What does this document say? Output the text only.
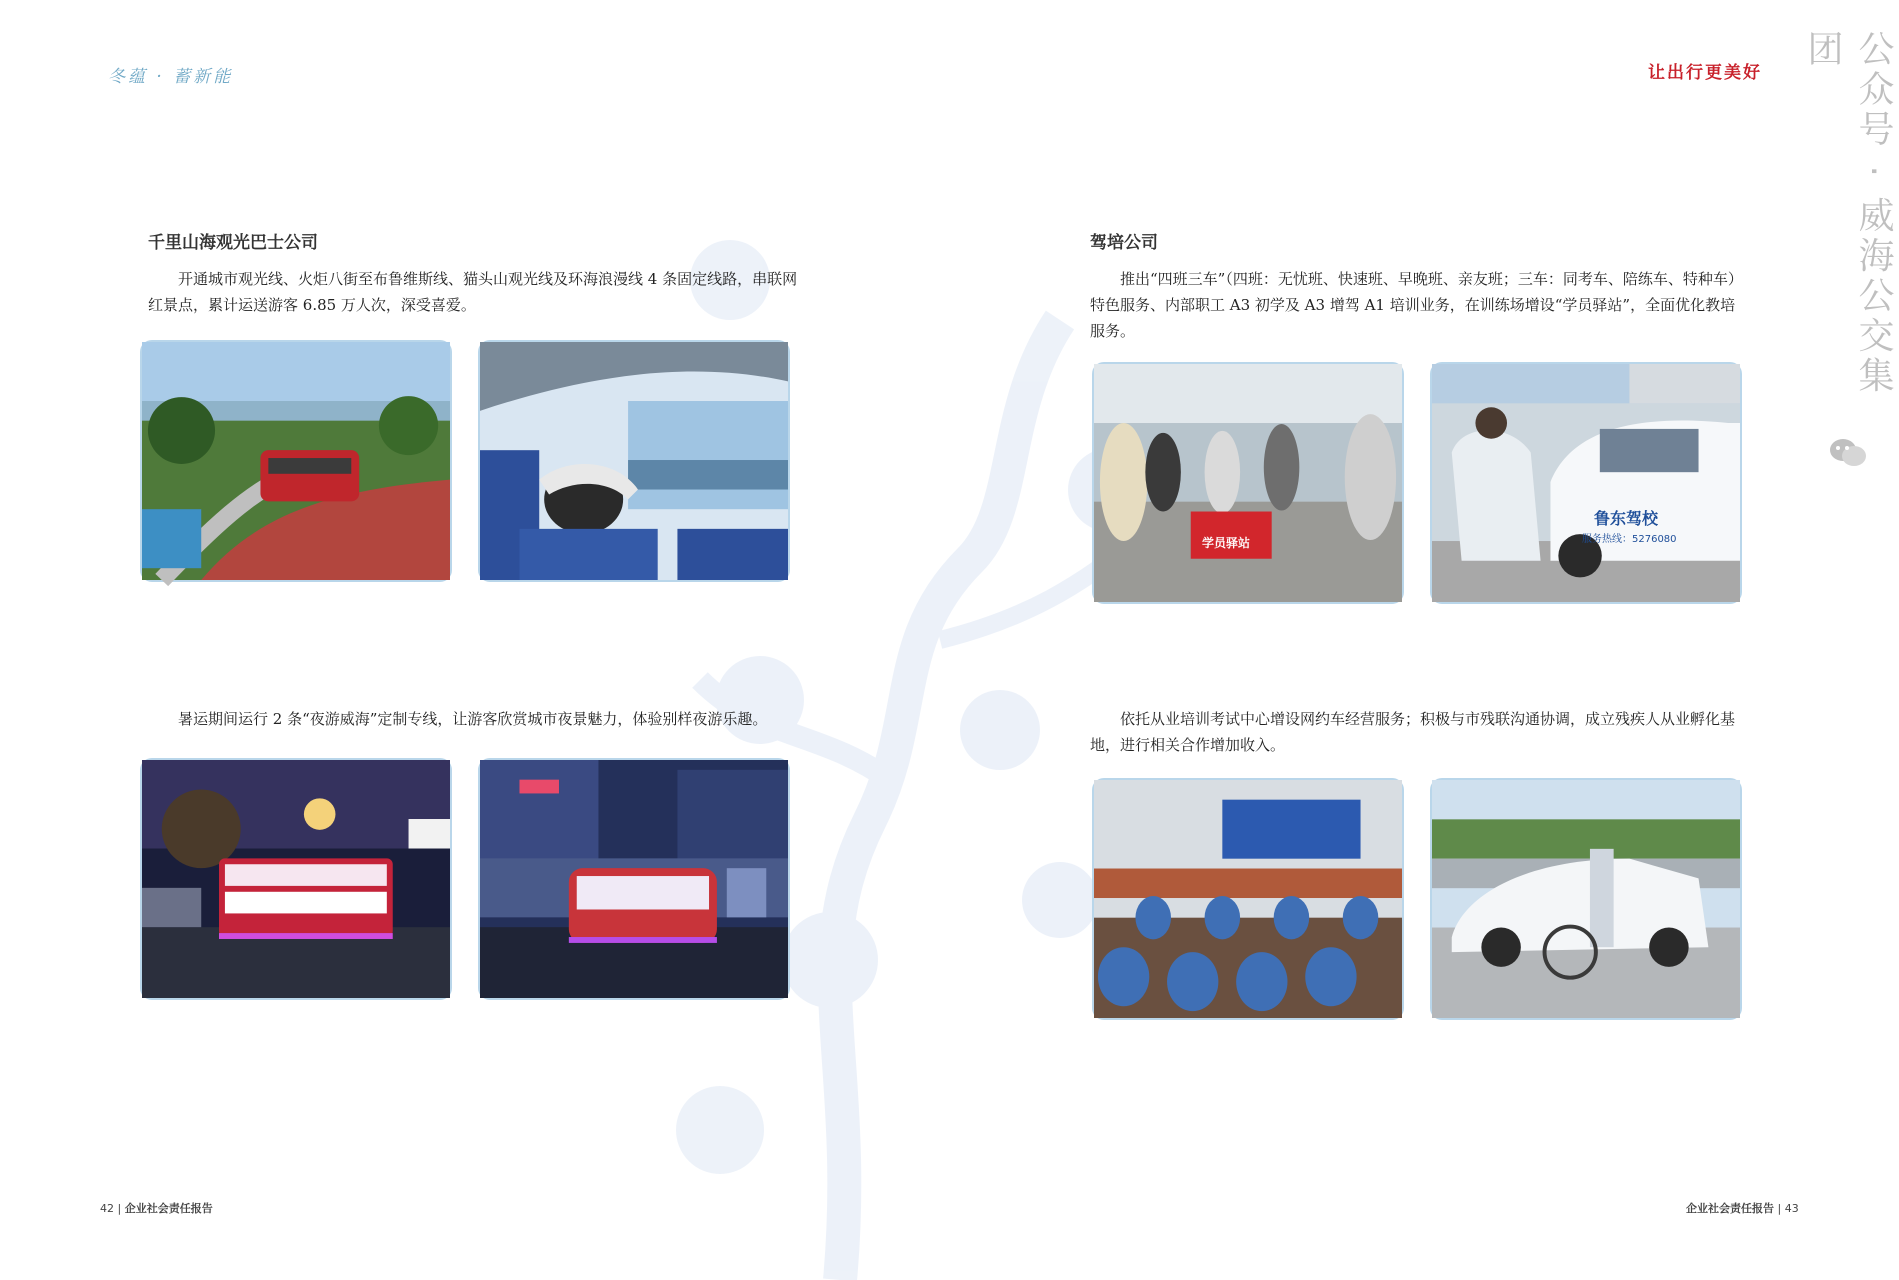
冬蕴 · 蓄新能	让出行更美好	公众号 · 威海公交集团
千里山海观光巴士公司
开通城市观光线、火炬八街至布鲁维斯线、猫头山观光线及环海浪漫线 4 条固定线路，串联网红景点，累计运送游客 6.85 万人次，深受喜爱。
暑运期间运行 2 条“夜游威海”定制专线，让游客欣赏城市夜景魅力，体验别样夜游乐趣。
驾培公司
推出“四班三车”（四班：无忧班、快速班、早晚班、亲友班；三车：同考车、陪练车、特种车）特色服务、内部职工 A3 初学及 A3 增驾 A1 培训业务，在训练场增设“学员驿站”，全面优化教培服务。
学员驿站
鲁东驾校
服务热线：5276080
依托从业培训考试中心增设网约车经营服务；积极与市残联沟通协调，成立残疾人从业孵化基地，进行相关合作增加收入。
42 | 企业社会责任报告	企业社会责任报告 | 43
